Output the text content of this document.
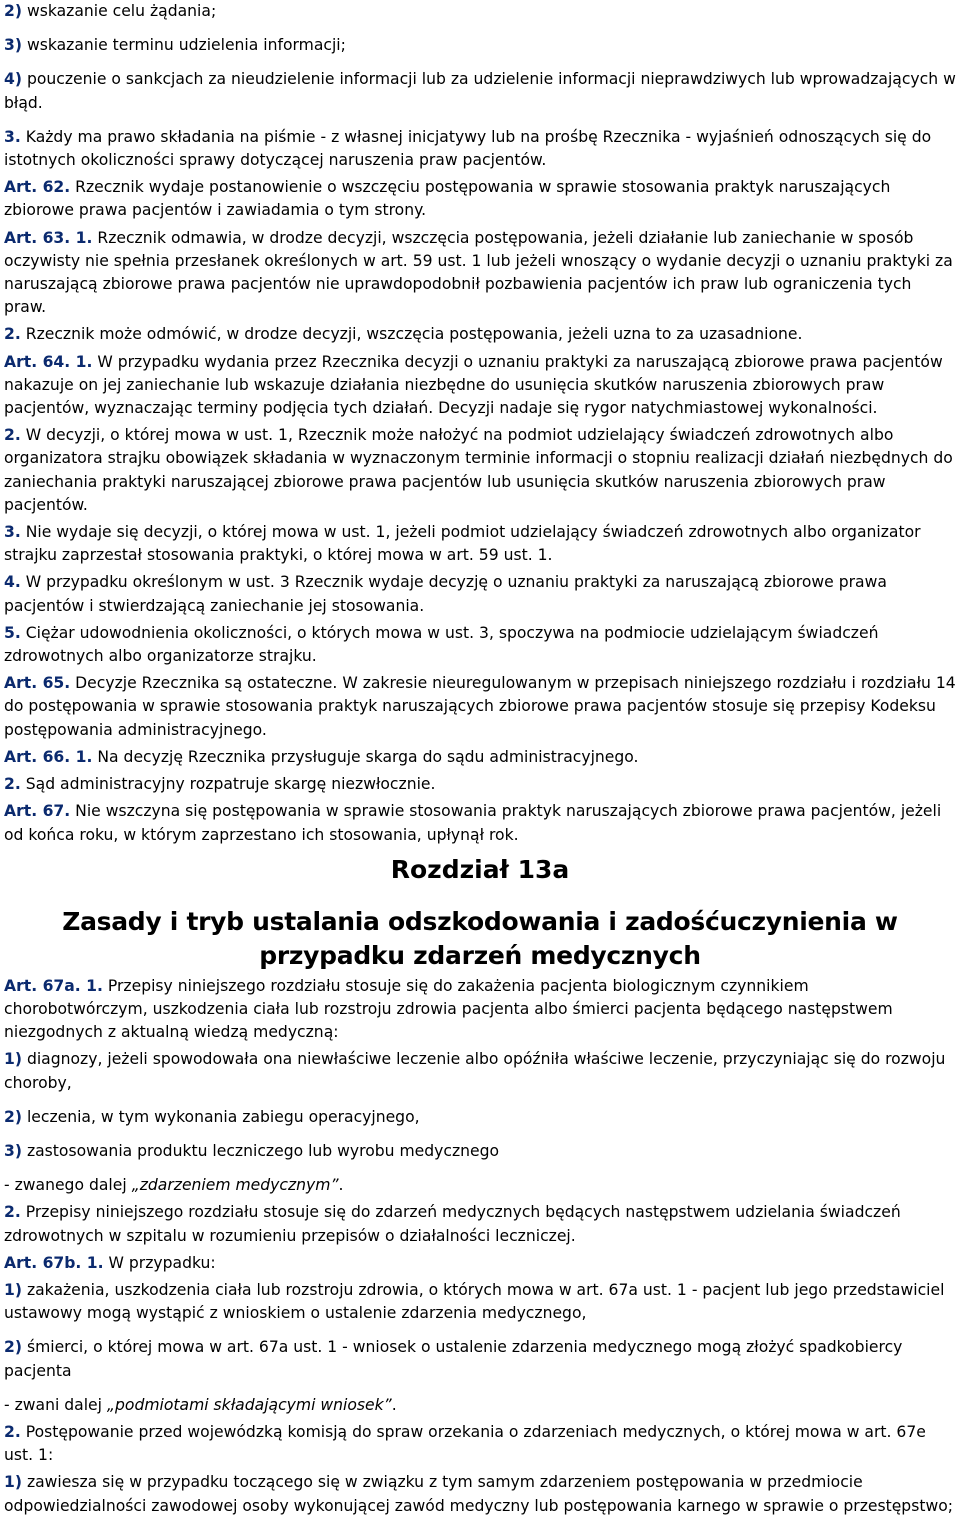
2) wskazanie celu żądania;

3) wskazanie terminu udzielenia informacji;

4) pouczenie o sankcjach za nieudzielenie informacji lub za udzielenie informacji nieprawdziwych lub wprowadzających w błąd.

3. Każdy ma prawo składania na piśmie - z własnej inicjatywy lub na prośbę Rzecznika - wyjaśnień odnoszących się do istotnych okoliczności sprawy dotyczącej naruszenia praw pacjentów.

Art. 62. Rzecznik wydaje postanowienie o wszczęciu postępowania w sprawie stosowania praktyk naruszających zbiorowe prawa pacjentów i zawiadamia o tym strony.

Art. 63. 1. Rzecznik odmawia, w drodze decyzji, wszczęcia postępowania, jeżeli działanie lub zaniechanie w sposób oczywisty nie spełnia przesłanek określonych w art. 59 ust. 1 lub jeżeli wnoszący o wydanie decyzji o uznaniu praktyki za naruszającą zbiorowe prawa pacjentów nie uprawdopodobnił pozbawienia pacjentów ich praw lub ograniczenia tych praw.

2. Rzecznik może odmówić, w drodze decyzji, wszczęcia postępowania, jeżeli uzna to za uzasadnione.

Art. 64. 1. W przypadku wydania przez Rzecznika decyzji o uznaniu praktyki za naruszającą zbiorowe prawa pacjentów nakazuje on jej zaniechanie lub wskazuje działania niezbędne do usunięcia skutków naruszenia zbiorowych praw pacjentów, wyznaczając terminy podjęcia tych działań. Decyzji nadaje się rygor natychmiastowej wykonalności.

2. W decyzji, o której mowa w ust. 1, Rzecznik może nałożyć na podmiot udzielający świadczeń zdrowotnych albo organizatora strajku obowiązek składania w wyznaczonym terminie informacji o stopniu realizacji działań niezbędnych do zaniechania praktyki naruszającej zbiorowe prawa pacjentów lub usunięcia skutków naruszenia zbiorowych praw pacjentów.

3. Nie wydaje się decyzji, o której mowa w ust. 1, jeżeli podmiot udzielający świadczeń zdrowotnych albo organizator strajku zaprzestał stosowania praktyki, o której mowa w art. 59 ust. 1.

4. W przypadku określonym w ust. 3 Rzecznik wydaje decyzję o uznaniu praktyki za naruszającą zbiorowe prawa pacjentów i stwierdzającą zaniechanie jej stosowania.

5. Ciężar udowodnienia okoliczności, o których mowa w ust. 3, spoczywa na podmiocie udzielającym świadczeń zdrowotnych albo organizatorze strajku.

Art. 65. Decyzje Rzecznika są ostateczne. W zakresie nieuregulowanym w przepisach niniejszego rozdziału i rozdziału 14 do postępowania w sprawie stosowania praktyk naruszających zbiorowe prawa pacjentów stosuje się przepisy Kodeksu postępowania administracyjnego.

Art. 66. 1. Na decyzję Rzecznika przysługuje skarga do sądu administracyjnego.

2. Sąd administracyjny rozpatruje skargę niezwłocznie.

Art. 67. Nie wszczyna się postępowania w sprawie stosowania praktyk naruszających zbiorowe prawa pacjentów, jeżeli od końca roku, w którym zaprzestano ich stosowania, upłynął rok.

Rozdział 13a
Zasady i tryb ustalania odszkodowania i zadośćuczynienia w przypadku zdarzeń medycznych

Art. 67a. 1. Przepisy niniejszego rozdziału stosuje się do zakażenia pacjenta biologicznym czynnikiem chorobotwórczym, uszkodzenia ciała lub rozstroju zdrowia pacjenta albo śmierci pacjenta będącego następstwem niezgodnych z aktualną wiedzą medyczną:

1) diagnozy, jeżeli spowodowała ona niewłaściwe leczenie albo opóźniła właściwe leczenie, przyczyniając się do rozwoju choroby,

2) leczenia, w tym wykonania zabiegu operacyjnego,

3) zastosowania produktu leczniczego lub wyrobu medycznego

- zwanego dalej „zdarzeniem medycznym”.

2. Przepisy niniejszego rozdziału stosuje się do zdarzeń medycznych będących następstwem udzielania świadczeń zdrowotnych w szpitalu w rozumieniu przepisów o działalności leczniczej.

Art. 67b. 1. W przypadku:

1) zakażenia, uszkodzenia ciała lub rozstroju zdrowia, o których mowa w art. 67a ust. 1 - pacjent lub jego przedstawiciel ustawowy mogą wystąpić z wnioskiem o ustalenie zdarzenia medycznego,

2) śmierci, o której mowa w art. 67a ust. 1 - wniosek o ustalenie zdarzenia medycznego mogą złożyć spadkobiercy pacjenta

- zwani dalej „podmiotami składającymi wniosek”.

2. Postępowanie przed wojewódzką komisją do spraw orzekania o zdarzeniach medycznych, o której mowa w art. 67e ust. 1:

1) zawiesza się w przypadku toczącego się w związku z tym samym zdarzeniem postępowania w przedmiocie odpowiedzialności zawodowej osoby wykonującej zawód medyczny lub postępowania karnego w sprawie o przestępstwo;
